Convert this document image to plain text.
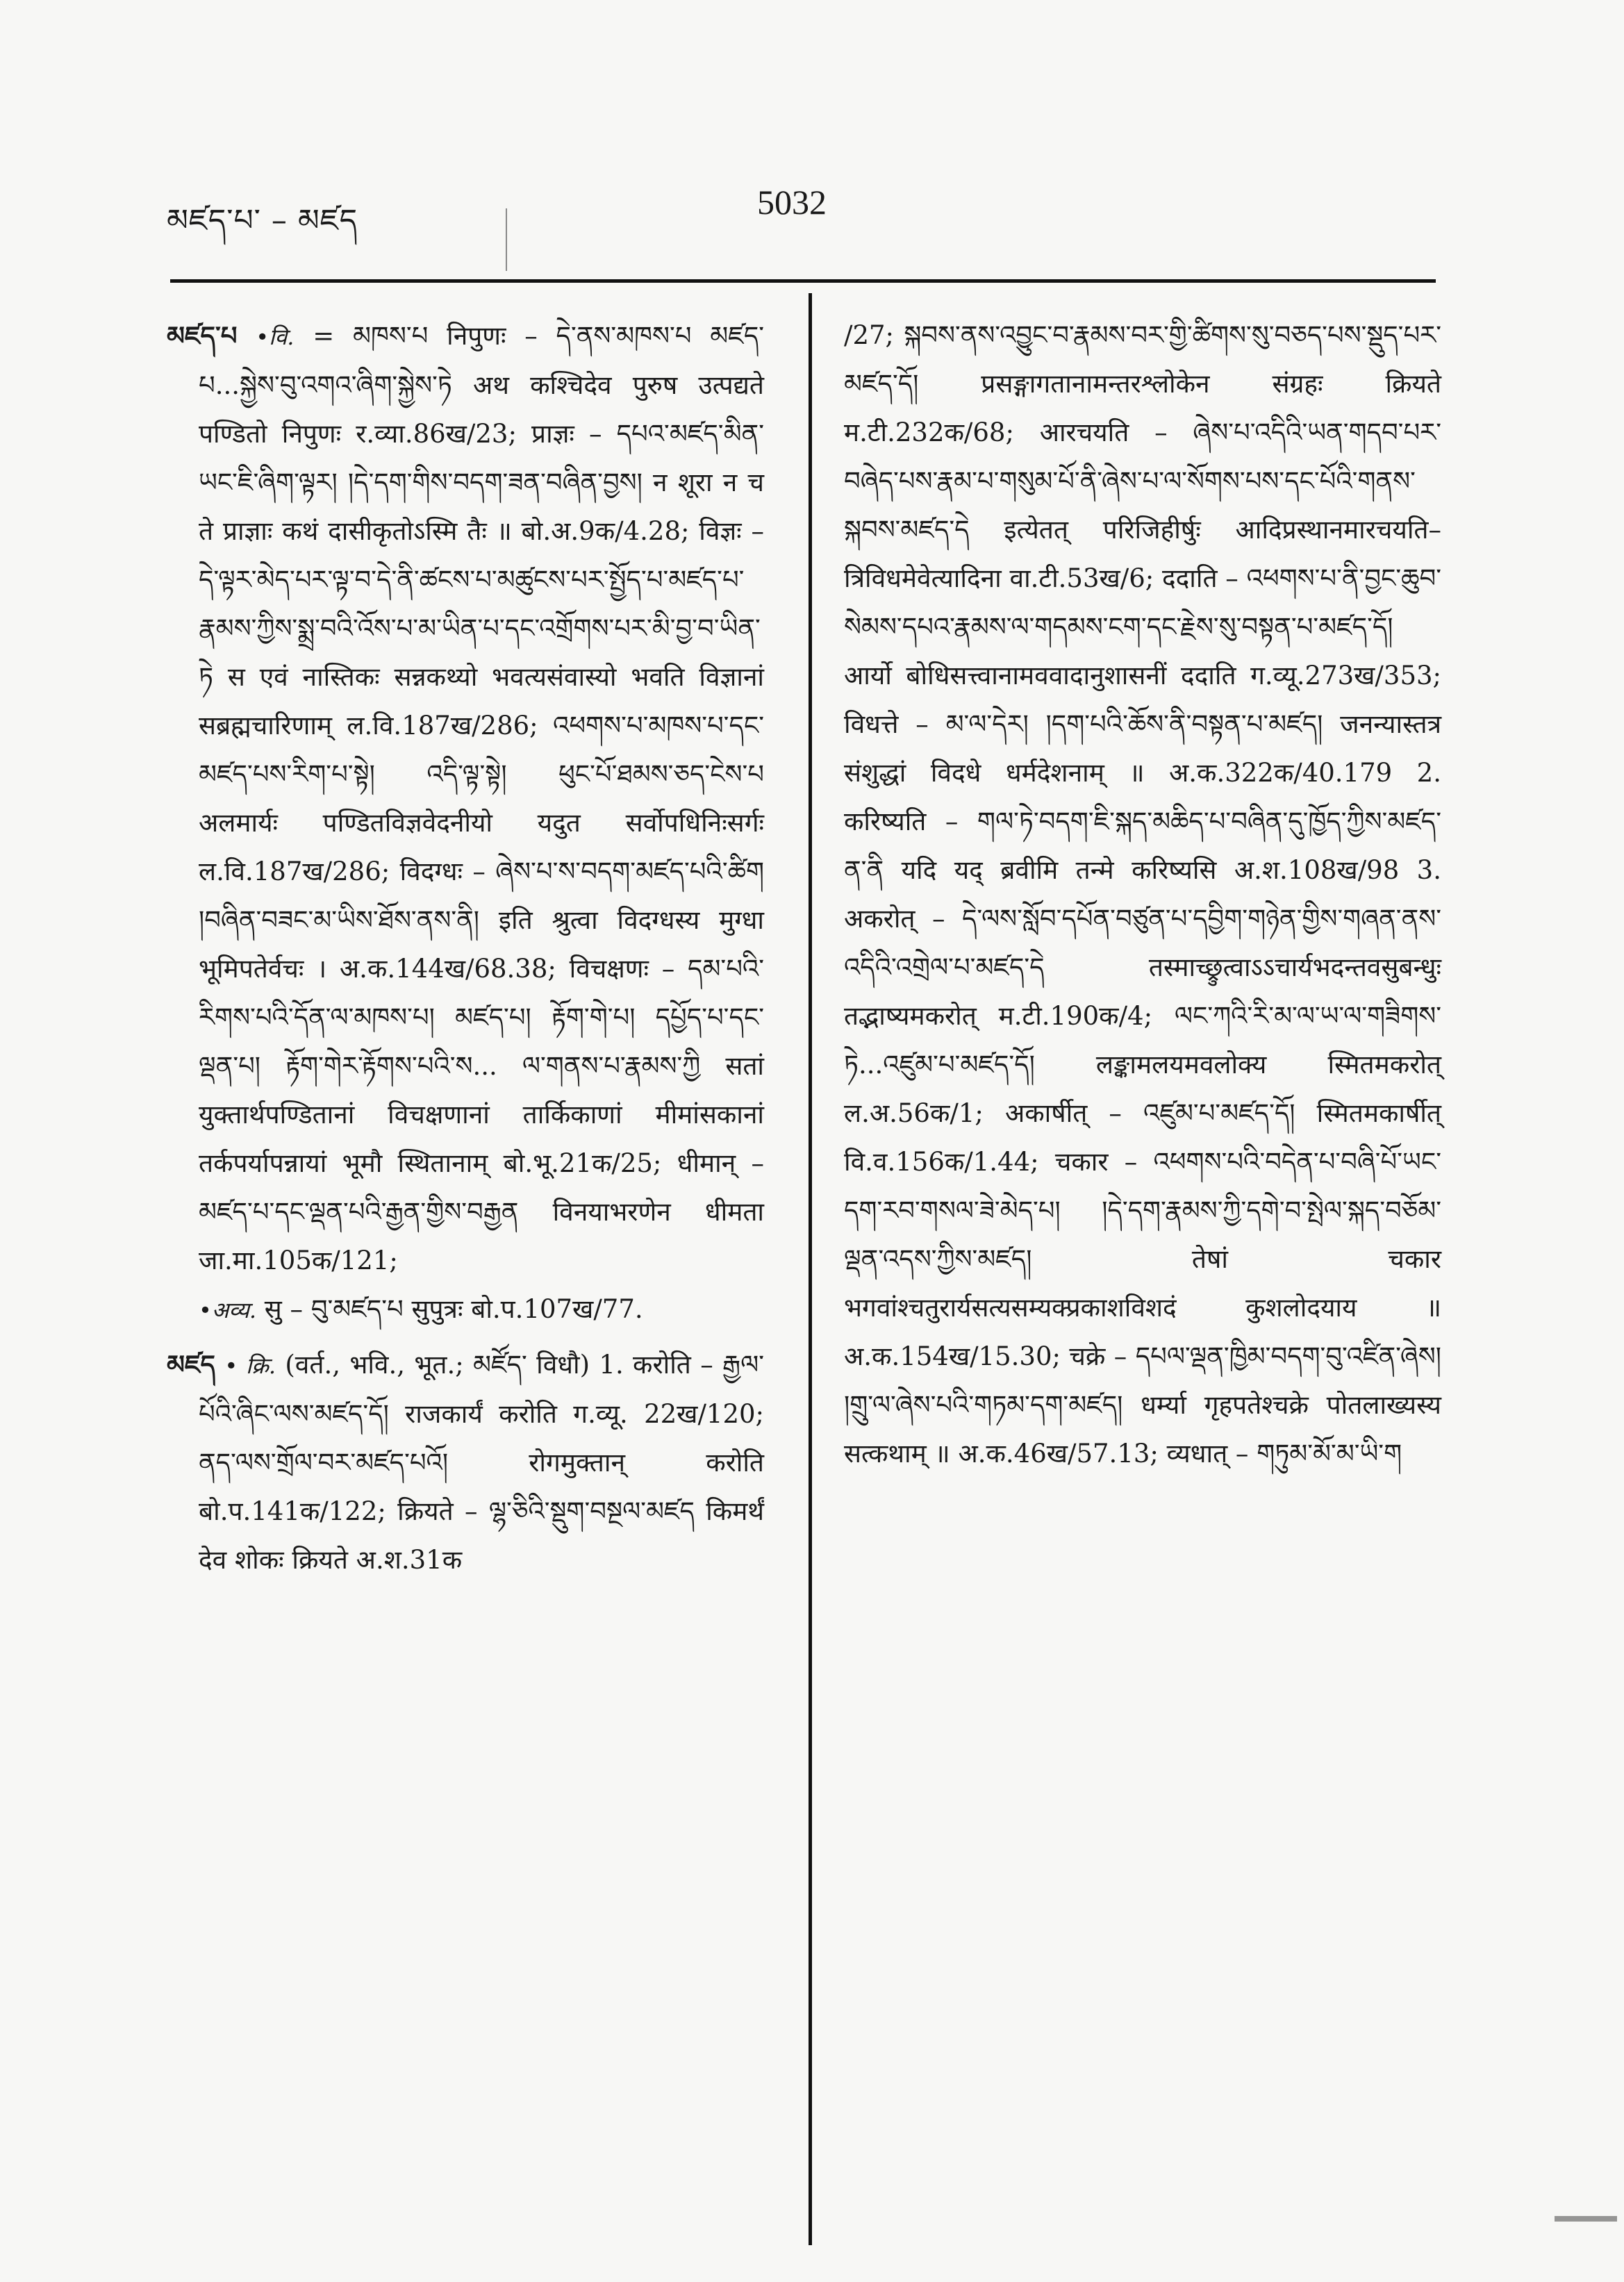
མཛད་པ་ – མཛད	5032
མཛད་པ •वि. = མཁས་པ निपुणः – དེ་ནས་མཁས་པ མཛད་པ...སྐྱེས་བུ་འགའ་ཞིག་སྐྱེས་ཏེ अथ कश्चिदेव पुरुष उत्पद्यते पण्डितो निपुणः र.व्या.86ख/23; प्राज्ञः – དཔའ་མཛད་མིན་ཡང་ཇི་ཞིག་ལྟར། །དེ་དག་གིས་བདག་ཟན་བཞིན་བྱས། न शूरा न च ते प्राज्ञाः कथं दासीकृतोऽस्मि तैः ॥ बो.अ.9क/4.28; विज्ञः – དེ་ལྟར་མེད་པར་ལྟ་བ་དེ་ནི་ཚངས་པ་མཚུངས་པར་སྤྱོད་པ་མཛད་པ་རྣམས་ཀྱིས་སྨྲ་བའི་འོས་པ་མ་ཡིན་པ་དང་འགྲོགས་པར་མི་བྱ་བ་ཡིན་ཏེ स एवं नास्तिकः सन्नकथ्यो भवत्यसंवास्यो भवति विज्ञानां सब्रह्मचारिणाम् ल.वि.187ख/286; འཕགས་པ་མཁས་པ་དང་མཛད་པས་རིག་པ་སྟེ། འདི་ལྟ་སྟེ། ཕུང་པོ་ཐམས་ཅད་ངེས་པ अलमार्यः पण्डितविज्ञवेदनीयो यदुत सर्वोपधिनिःसर्गः ल.वि.187ख/286; विदग्धः – ཞེས་པ་ས་བདག་མཛད་པའི་ཚིག །བཞིན་བཟང་མ་ཡིས་ཐོས་ནས་ནི། इति श्रुत्वा विदग्धस्य मुग्धा भूमिपतेर्वचः । अ.क.144ख/68.38; विचक्षणः – དམ་པའི་རིགས་པའི་དོན་ལ་མཁས་པ། མཛད་པ། རྟོག་གེ་པ། དཔྱོད་པ་དང་ལྡན་པ། རྟོག་གེར་རྟོགས་པའི་ས... ལ་གནས་པ་རྣམས་ཀྱི सतां युक्तार्थपण्डितानां विचक्षणानां तार्किकाणां मीमांसकानां तर्कपर्यापन्नायां भूमौ स्थितानाम् बो.भू.21क/25; धीमान् – མཛད་པ་དང་ལྡན་པའི་རྒྱན་གྱིས་བརྒྱན विनयाभरणेन धीमता जा.मा.105क/121;
•अव्य. सु – བུ་མཛད་པ सुपुत्रः बो.प.107ख/77.
མཛད • क्रि. (वर्त., भवि., भूत.; མཛོད་ विधौ) 1. करोति – རྒྱལ་པོའི་ཞིང་ལས་མཛད་དོ། राजकार्यं करोति ग.व्यू. 22ख/120; ནད་ལས་གྲོལ་བར་མཛད་པའོ། रोगमुक्तान् करोति बो.प.141क/122; क्रियते – ལྷ་ཅིའི་སྡུག་བསྔལ་མཛད किमर्थं देव शोकः क्रियते अ.श.31क
/27; སྐབས་ནས་འབྱུང་བ་རྣམས་བར་གྱི་ཚིགས་སུ་བཅད་པས་སྡུད་པར་མཛད་དོ། प्रसङ्गागतानामन्तरश्लोकेन संग्रहः क्रियते म.टी.232क/68; आरचयति – ཞེས་པ་འདིའི་ཡན་གདབ་པར་བཞེད་པས་རྣམ་པ་གསུམ་པོ་ནི་ཞེས་པ་ལ་སོགས་པས་དང་པོའི་གནས་སྐབས་མཛད་དེ इत्येतत् परिजिहीर्षुः आदिप्रस्थानमारचयति–त्रिविधमेवेत्यादिना वा.टी.53ख/6; ददाति – འཕགས་པ་ནི་བྱང་ཆུབ་སེམས་དཔའ་རྣམས་ལ་གདམས་ངག་དང་རྗེས་སུ་བསྟན་པ་མཛད་དོ། आर्यो बोधिसत्त्वानामववादानुशासनीं ददाति ग.व्यू.273ख/353; विधत्ते – མ་ལ་དེར། །དག་པའི་ཆོས་ནི་བསྟན་པ་མཛད། जनन्यास्तत्र संशुद्धां विदधे धर्मदेशनाम् ॥ अ.क.322क/40.179 2. करिष्यति – གལ་ཏེ་བདག་ཇི་སྐད་མཆིད་པ་བཞིན་དུ་ཁྱོད་ཀྱིས་མཛད་ན་ནི यदि यद् ब्रवीमि तन्मे करिष्यसि अ.श.108ख/98 3. अकरोत् – དེ་ལས་སློབ་དཔོན་བཙུན་པ་དབྱིག་གཉེན་གྱིས་གཞན་ནས་འདིའི་འགྲེལ་པ་མཛད་དེ तस्माच्छ्रुत्वाऽऽचार्यभदन्तवसुबन्धुः तद्भाष्यमकरोत् म.टी.190क/4; ལང་ཀའི་རི་མ་ལ་ཡ་ལ་གཟིགས་ཏེ...འཛུམ་པ་མཛད་དོ། लङ्कामलयमवलोक्य स्मितमकरोत् ल.अ.56क/1; अकार्षीत् – འཛུམ་པ་མཛད་དོ། स्मितमकार्षीत् वि.व.156क/1.44; चकार – འཕགས་པའི་བདེན་པ་བཞི་པོ་ཡང་དག་རབ་གསལ་ཟེ་མེད་པ། །དེ་དག་རྣམས་ཀྱི་དགེ་བ་སྤེལ་སྐད་བཅོམ་ལྡན་འདས་ཀྱིས་མཛད། तेषां चकार भगवांश्चतुरार्यसत्यसम्यक्प्रकाशविशदं कुशलोदयाय ॥ अ.क.154ख/15.30; चक्रे – དཔལ་ལྡན་ཁྱིམ་བདག་བུ་འཛིན་ཞེས། །གྲུ་ལ་ཞེས་པའི་གཏམ་དག་མཛད། धर्म्या गृहपतेश्चक्रे पोतलाख्यस्य सत्कथाम् ॥ अ.क.46ख/57.13; व्यधात् – གཏུམ་མོ་མ་ཡི་ག
